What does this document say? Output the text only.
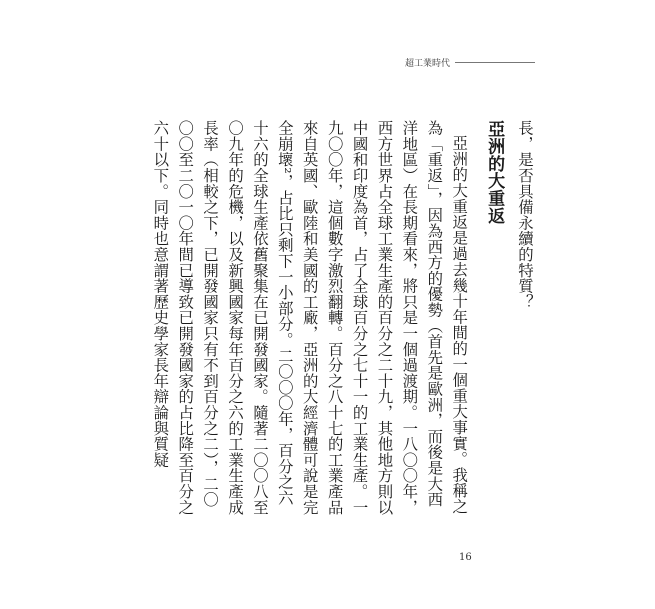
超工業時代

長，是否具備永續的特質？

亞洲的大重返

亞洲的大重返是過去幾十年間的一個重大事實。我稱之為「重返」，因為西方的優勢（首先是歐洲，而後是大西洋地區）在長期看來，將只是一個過渡期。一八〇〇年，西方世界占全球工業生產的百分之二十九，其他地方則以中國和印度為首，占了全球百分之七十一的工業生產。一九〇〇年，這個數字激烈翻轉。百分之八十七的工業產品來自英國、歐陸和美國的工廠，亞洲的大經濟體可說是完全崩壞²，占比只剩下一小部分。二〇〇〇年，百分之六十六的全球生產依舊聚集在已開發國家。隨著二〇〇八至〇九年的危機，以及新興國家每年百分之六的工業生產成長率（相較之下，已開發國家只有不到百分之二），二〇〇〇至二〇一〇年間已導致已開發國家的占比降至百分之六十以下。同時也意謂著歷史學家長年辯論與質疑

16
